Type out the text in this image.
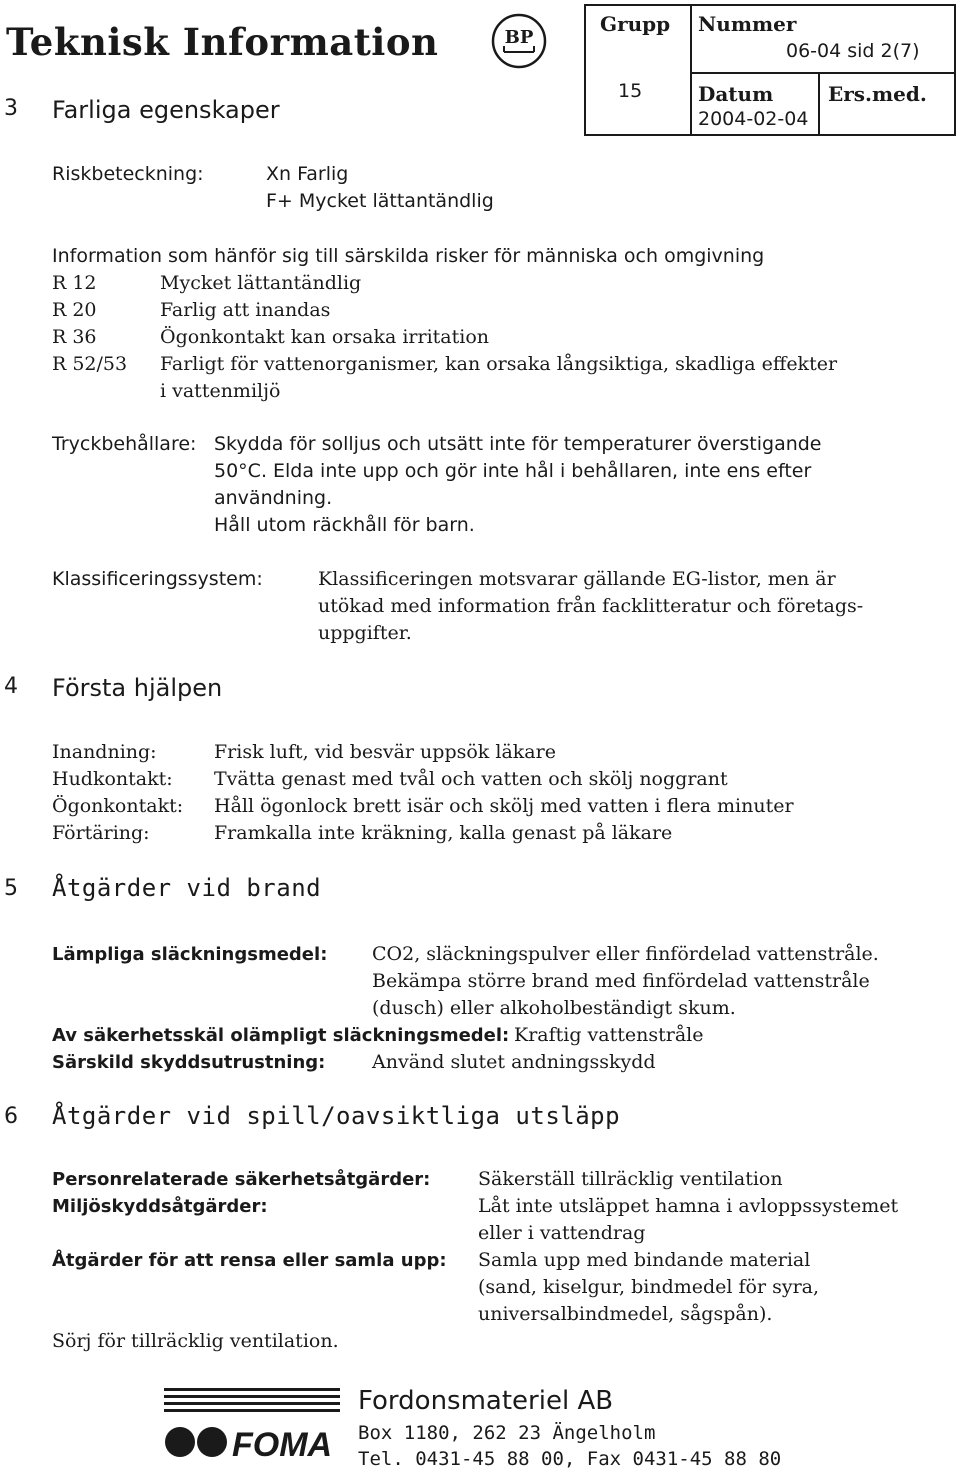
Teknisk Information	BP
Grupp
15
Nummer
06-04 sid 2(7)
Datum
2004-02-04
Ers.med.
3 Farliga egenskaper
Riskbeteckning:	Xn Farlig
F+ Mycket lättantändlig
Information som hänför sig till särskilda risker för människa och omgivning
R 12	Mycket lättantändlig
R 20	Farlig att inandas
R 36	Ögonkontakt kan orsaka irritation
R 52/53 Farligt för vattenorganismer, kan orsaka långsiktiga, skadliga effekter
i vattenmiljö
Tryckbehållare: Skydda för solljus och utsätt inte för temperaturer överstigande
50°C. Elda inte upp och gör inte hål i behållaren, inte ens efter
användning.
Håll utom räckhåll för barn.
Klassificeringssystem:	Klassificeringen motsvarar gällande EG-listor, men är
utökad med information från facklitteratur och företags-
uppgifter.
4 Första hjälpen
Inandning:	Frisk luft, vid besvär uppsök läkare
Hudkontakt: Tvätta genast med tvål och vatten och skölj noggrant
Ögonkontakt: Håll ögonlock brett isär och skölj med vatten i flera minuter
Förtäring:	Framkalla inte kräkning, kalla genast på läkare
5 Åtgärder vid brand
Lämpliga släckningsmedel: CO2, släckningspulver eller finfördelad vattenstråle.
Bekämpa större brand med finfördelad vattenstråle
(dusch) eller alkoholbeständigt skum.
Av säkerhetsskäl olämpligt släckningsmedel: Kraftig vattenstråle
Särskild skyddsutrustning: Använd slutet andningsskydd
6 Åtgärder vid spill/oavsiktliga utsläpp
Personrelaterade säkerhetsåtgärder:	Säkerställ tillräcklig ventilation
Miljöskyddsåtgärder:	Låt inte utsläppet hamna i avloppssystemet
eller i vattendrag
Åtgärder för att rensa eller samla upp: Samla upp med bindande material
(sand, kiselgur, bindmedel för syra,
universalbindmedel, sågspån).
Sörj för tillräcklig ventilation.
FOMA
Fordonsmateriel AB
Box 1180, 262 23 Ängelholm
Tel. 0431-45 88 00, Fax 0431-45 88 80
